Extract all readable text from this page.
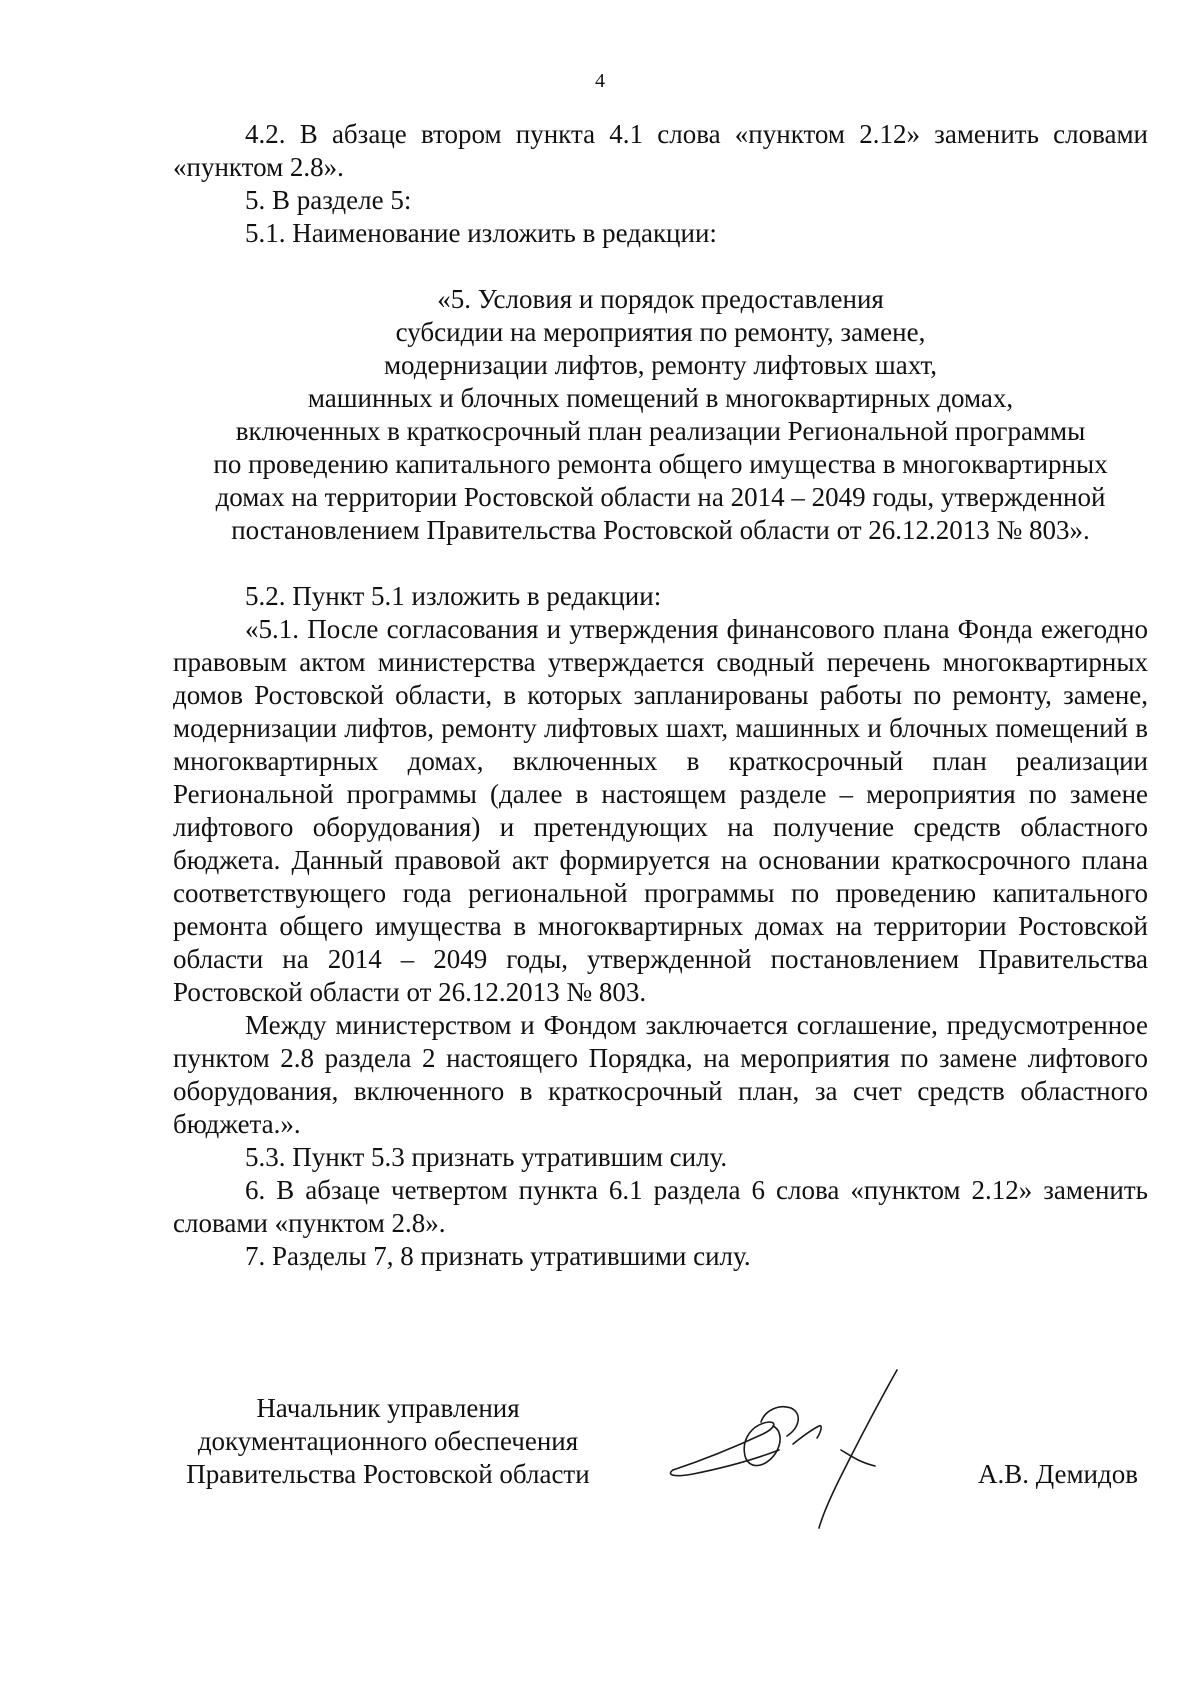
4

4.2. В абзаце втором пункта 4.1 слова «пунктом 2.12» заменить словами «пунктом 2.8».

5. В разделе 5:

5.1. Наименование изложить в редакции:

«5. Условия и порядок предоставления
субсидии на мероприятия по ремонту, замене,
модернизации лифтов, ремонту лифтовых шахт,
машинных и блочных помещений в многоквартирных домах,
включенных в краткосрочный план реализации Региональной программы
по проведению капитального ремонта общего имущества в многоквартирных
домах на территории Ростовской области на 2014 – 2049 годы, утвержденной
постановлением Правительства Ростовской области от 26.12.2013 № 803».

5.2. Пункт 5.1 изложить в редакции:

«5.1. После согласования и утверждения финансового плана Фонда ежегодно правовым актом министерства утверждается сводный перечень многоквартирных домов Ростовской области, в которых запланированы работы по ремонту, замене, модернизации лифтов, ремонту лифтовых шахт, машинных и блочных помещений в многоквартирных домах, включенных в краткосрочный план реализации Региональной программы (далее в настоящем разделе – мероприятия по замене лифтового оборудования) и претендующих на получение средств областного бюджета. Данный правовой акт формируется на основании краткосрочного плана соответствующего года региональной программы по проведению капитального ремонта общего имущества в многоквартирных домах на территории Ростовской области на 2014 – 2049 годы, утвержденной постановлением Правительства Ростовской области от 26.12.2013 № 803.

Между министерством и Фондом заключается соглашение, предусмотренное пунктом 2.8 раздела 2 настоящего Порядка, на мероприятия по замене лифтового оборудования, включенного в краткосрочный план, за счет средств областного бюджета.».

5.3. Пункт 5.3 признать утратившим силу.

6. В абзаце четвертом пункта 6.1 раздела 6 слова «пунктом 2.12» заменить словами «пунктом 2.8».

7. Разделы 7, 8 признать утратившими силу.

Начальник управления
документационного обеспечения
Правительства Ростовской области	А.В. Демидов
